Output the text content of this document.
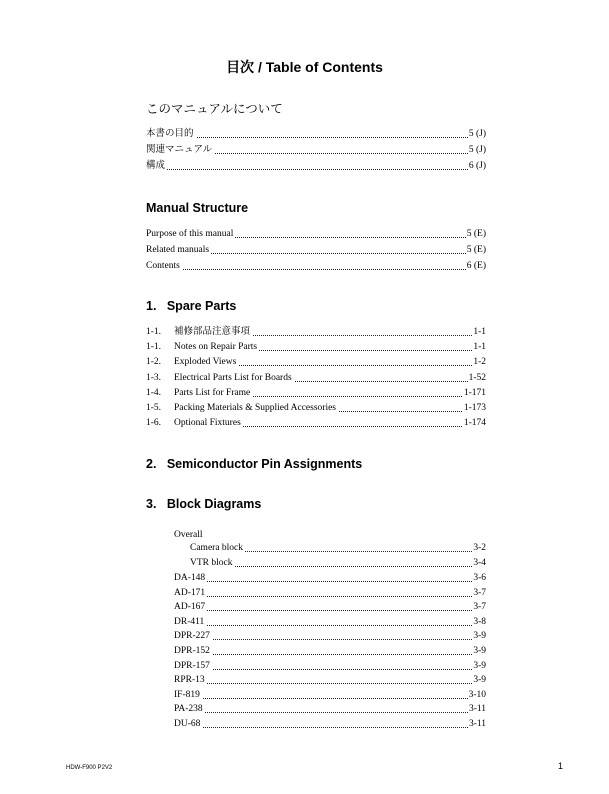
目次 / Table of Contents
このマニュアルについて
本書の目的	5 (J)
関連マニュアル	5 (J)
構成	6 (J)
Manual Structure
Purpose of this manual	5 (E)
Related manuals	5 (E)
Contents	6 (E)
1.   Spare Parts
1-1. 補修部品注意事項	1-1
1-1. Notes on Repair Parts	1-1
1-2. Exploded Views	1-2
1-3. Electrical Parts List for Boards	1-52
1-4. Parts List for Frame	1-171
1-5. Packing Materials & Supplied Accessories	1-173
1-6. Optional Fixtures	1-174
2.   Semiconductor Pin Assignments
3.   Block Diagrams
Overall
Camera block	3-2
VTR block	3-4
DA-148	3-6
AD-171	3-7
AD-167	3-7
DR-411	3-8
DPR-227	3-9
DPR-152	3-9
DPR-157	3-9
RPR-13	3-9
IF-819	3-10
PA-238	3-11
DU-68	3-11
HDW-F900 P2V2	1
